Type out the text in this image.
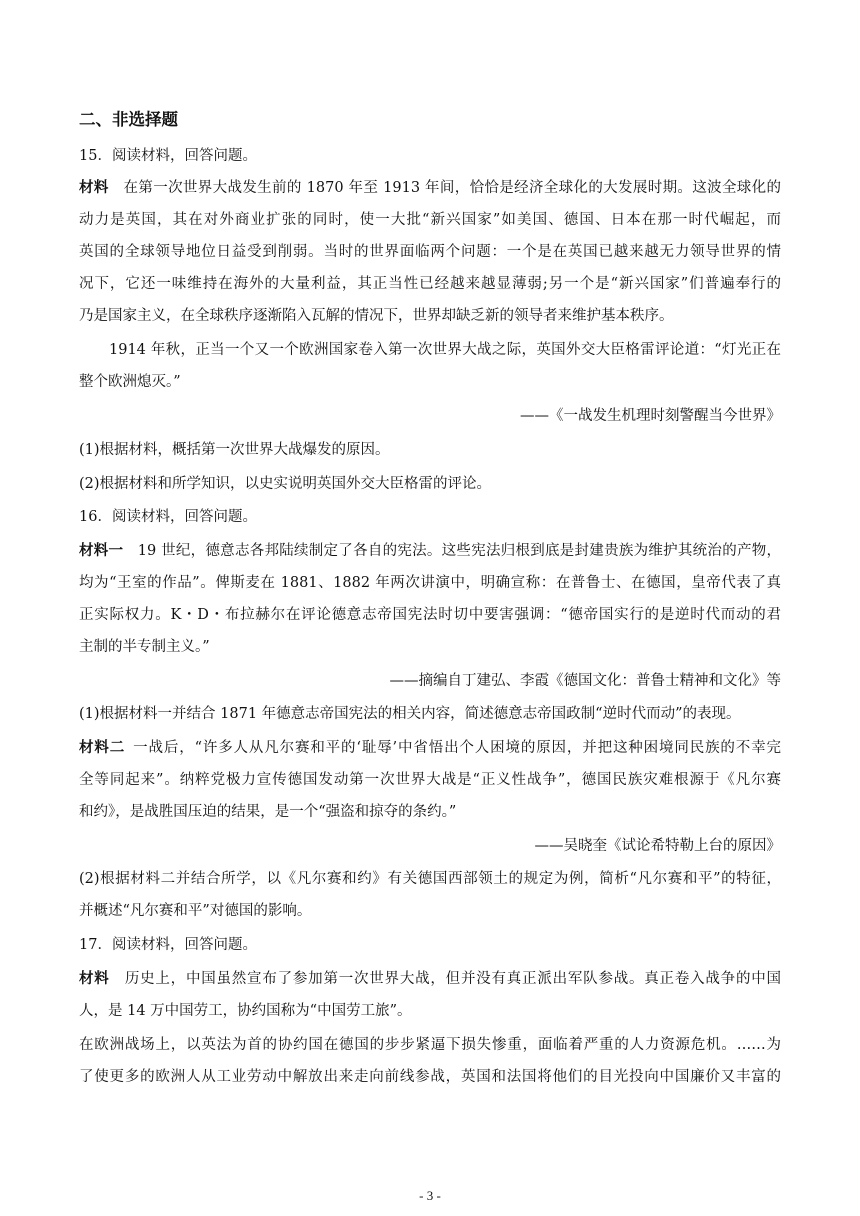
二、非选择题
15．阅读材料，回答问题。
材料  在第一次世界大战发生前的 1870 年至 1913 年间，恰恰是经济全球化的大发展时期。这波全球化的
动力是英国，其在对外商业扩张的同时，使一大批“新兴国家”如美国、德国、日本在那一时代崛起，而
英国的全球领导地位日益受到削弱。当时的世界面临两个问题：一个是在英国已越来越无力领导世界的情
况下，它还一味维持在海外的大量利益，其正当性已经越来越显薄弱;另一个是“新兴国家”们普遍奉行的
乃是国家主义，在全球秩序逐渐陷入瓦解的情况下，世界却缺乏新的领导者来维护基本秩序。
1914 年秋，正当一个又一个欧洲国家卷入第一次世界大战之际，英国外交大臣格雷评论道：“灯光正在
整个欧洲熄灭。”
——《一战发生机理时刻警醒当今世界》
(1)根据材料，概括第一次世界大战爆发的原因。
(2)根据材料和所学知识，以史实说明英国外交大臣格雷的评论。
16．阅读材料，回答问题。
材料一  19 世纪，德意志各邦陆续制定了各自的宪法。这些宪法归根到底是封建贵族为维护其统治的产物，
均为“王室的作品”。俾斯麦在 1881、1882 年两次讲演中，明确宣称：在普鲁士、在德国，皇帝代表了真
正实际权力。K・D・布拉赫尔在评论德意志帝国宪法时切中要害强调：“德帝国实行的是逆时代而动的君
主制的半专制主义。”
——摘编自丁建弘、李霞《德国文化：普鲁士精神和文化》等
(1)根据材料一并结合 1871 年德意志帝国宪法的相关内容，简述德意志帝国政制“逆时代而动”的表现。
材料二  一战后，“许多人从凡尔赛和平的‘耻辱’中省悟出个人困境的原因，并把这种困境同民族的不幸完
全等同起来”。纳粹党极力宣传德国发动第一次世界大战是“正义性战争”，德国民族灾难根源于《凡尔赛
和约》，是战胜国压迫的结果，是一个“强盗和掠夺的条约。”
——吴晓奎《试论希特勒上台的原因》
(2)根据材料二并结合所学，以《凡尔赛和约》有关德国西部领土的规定为例，简析“凡尔赛和平”的特征，
并概述“凡尔赛和平”对德国的影响。
17．阅读材料，回答问题。
材料  历史上，中国虽然宣布了参加第一次世界大战，但并没有真正派出军队参战。真正卷入战争的中国
人，是 14 万中国劳工，协约国称为“中国劳工旅”。
在欧洲战场上，以英法为首的协约国在德国的步步紧逼下损失惨重，面临着严重的人力资源危机。……为
了使更多的欧洲人从工业劳动中解放出来走向前线参战，英国和法国将他们的目光投向中国廉价又丰富的
- 3 -
